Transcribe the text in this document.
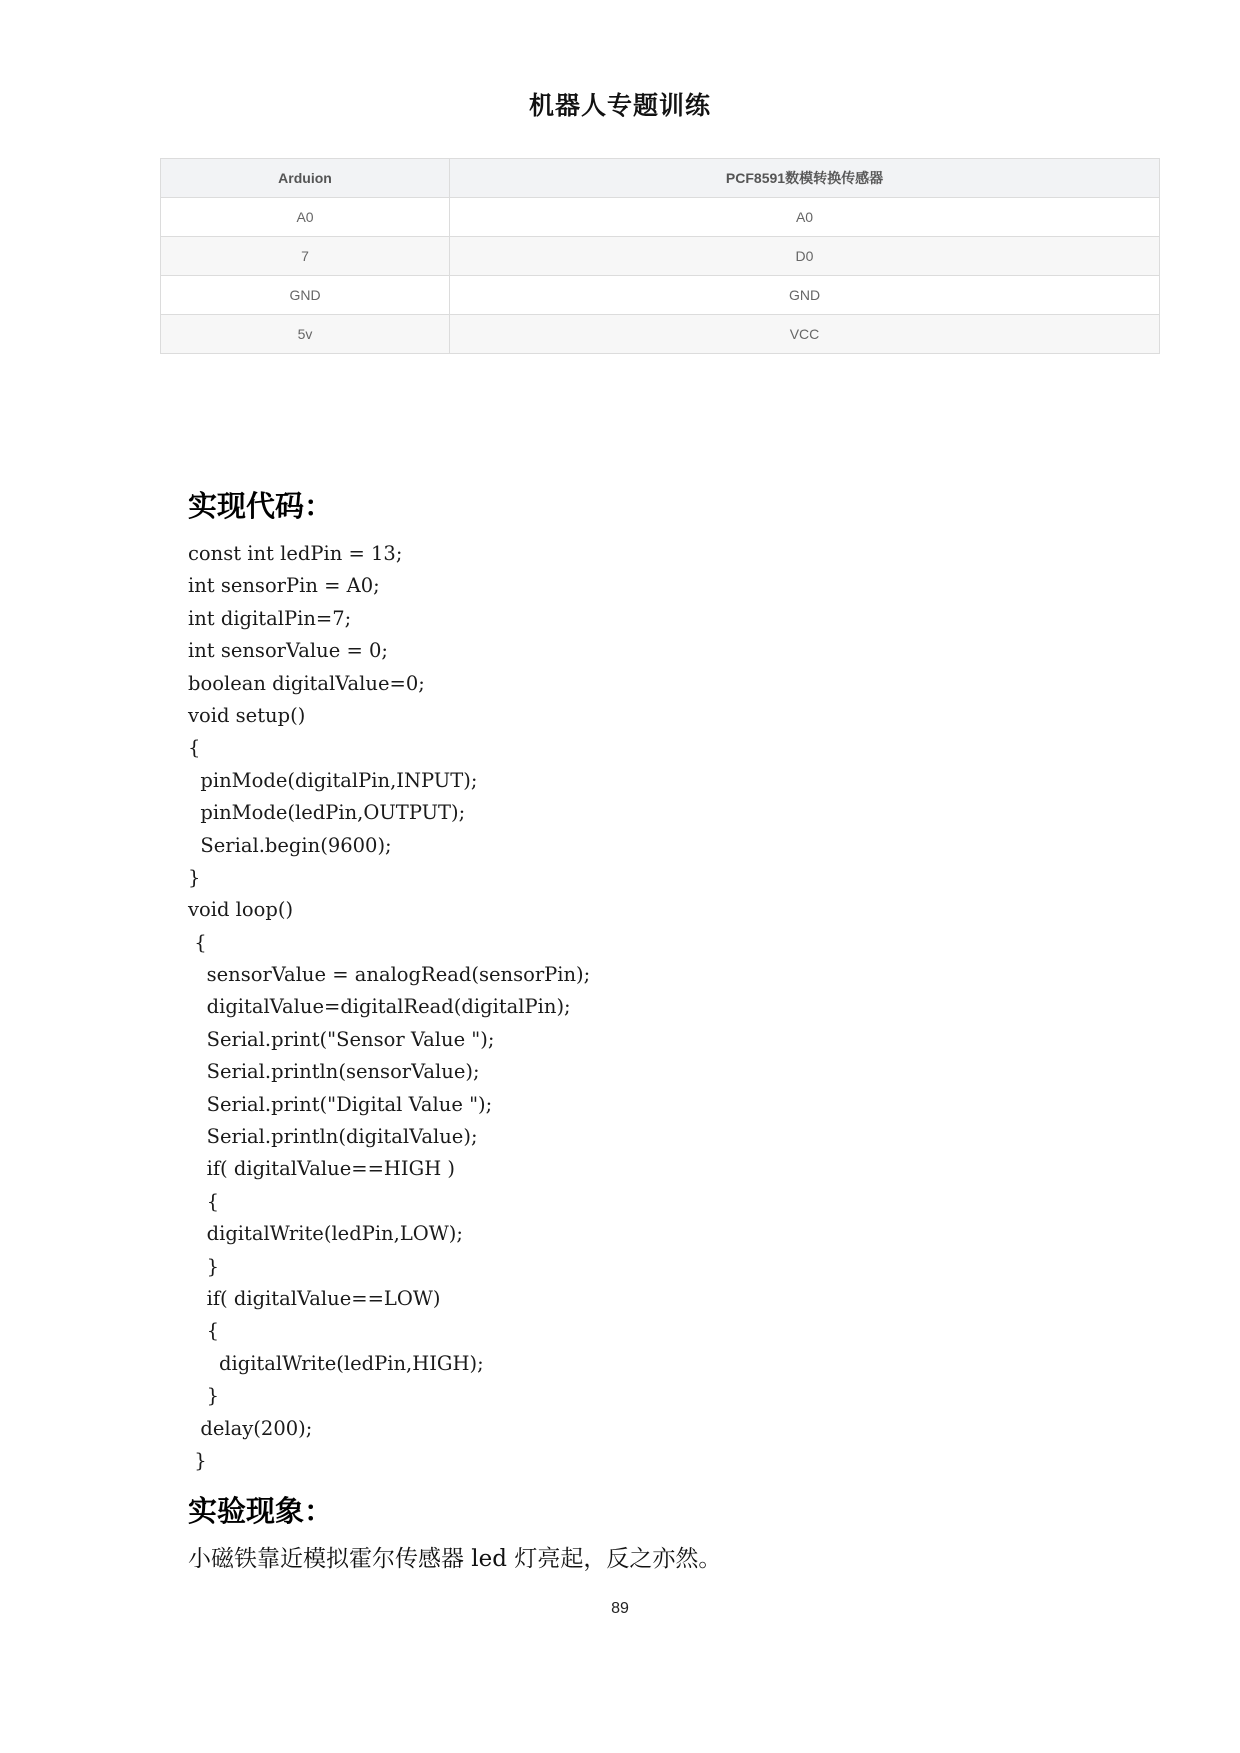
机器人专题训练
Arduion	PCF8591数模转换传感器
A0	A0
7	D0
GND	GND
5v	VCC
实现代码：
const int ledPin = 13;
int sensorPin = A0;
int digitalPin=7;
int sensorValue = 0;
boolean digitalValue=0;
void setup()
{
pinMode(digitalPin,INPUT);
pinMode(ledPin,OUTPUT);
Serial.begin(9600);
}
void loop()
{
sensorValue = analogRead(sensorPin);
digitalValue=digitalRead(digitalPin);
Serial.print("Sensor Value ");
Serial.println(sensorValue);
Serial.print("Digital Value ");
Serial.println(digitalValue);
if( digitalValue==HIGH )
{
digitalWrite(ledPin,LOW);
}
if( digitalValue==LOW)
{
digitalWrite(ledPin,HIGH);
}
delay(200);
}
实验现象：
小磁铁靠近模拟霍尔传感器 led 灯亮起，反之亦然。
89
